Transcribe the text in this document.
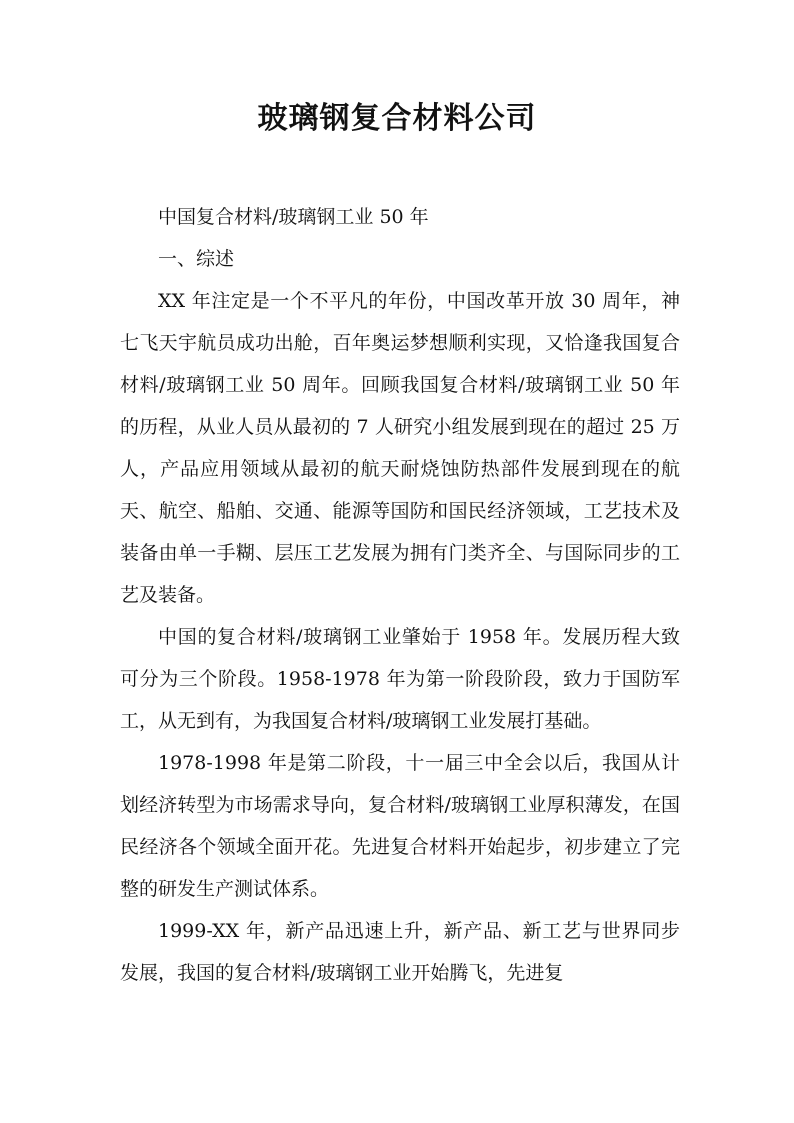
玻璃钢复合材料公司

中国复合材料/玻璃钢工业 50 年

一、综述

XX 年注定是一个不平凡的年份，中国改革开放 30 周年，神七飞天宇航员成功出舱，百年奥运梦想顺利实现，又恰逢我国复合材料/玻璃钢工业 50 周年。回顾我国复合材料/玻璃钢工业 50 年的历程，从业人员从最初的 7 人研究小组发展到现在的超过 25 万人，产品应用领域从最初的航天耐烧蚀防热部件发展到现在的航天、航空、船舶、交通、能源等国防和国民经济领域，工艺技术及装备由单一手糊、层压工艺发展为拥有门类齐全、与国际同步的工艺及装备。

中国的复合材料/玻璃钢工业肇始于 1958 年。发展历程大致可分为三个阶段。1958-1978 年为第一阶段阶段，致力于国防军工，从无到有，为我国复合材料/玻璃钢工业发展打基础。

1978-1998 年是第二阶段，十一届三中全会以后，我国从计划经济转型为市场需求导向，复合材料/玻璃钢工业厚积薄发，在国民经济各个领域全面开花。先进复合材料开始起步，初步建立了完整的研发生产测试体系。

1999-XX 年，新产品迅速上升，新产品、新工艺与世界同步发展，我国的复合材料/玻璃钢工业开始腾飞，先进复
